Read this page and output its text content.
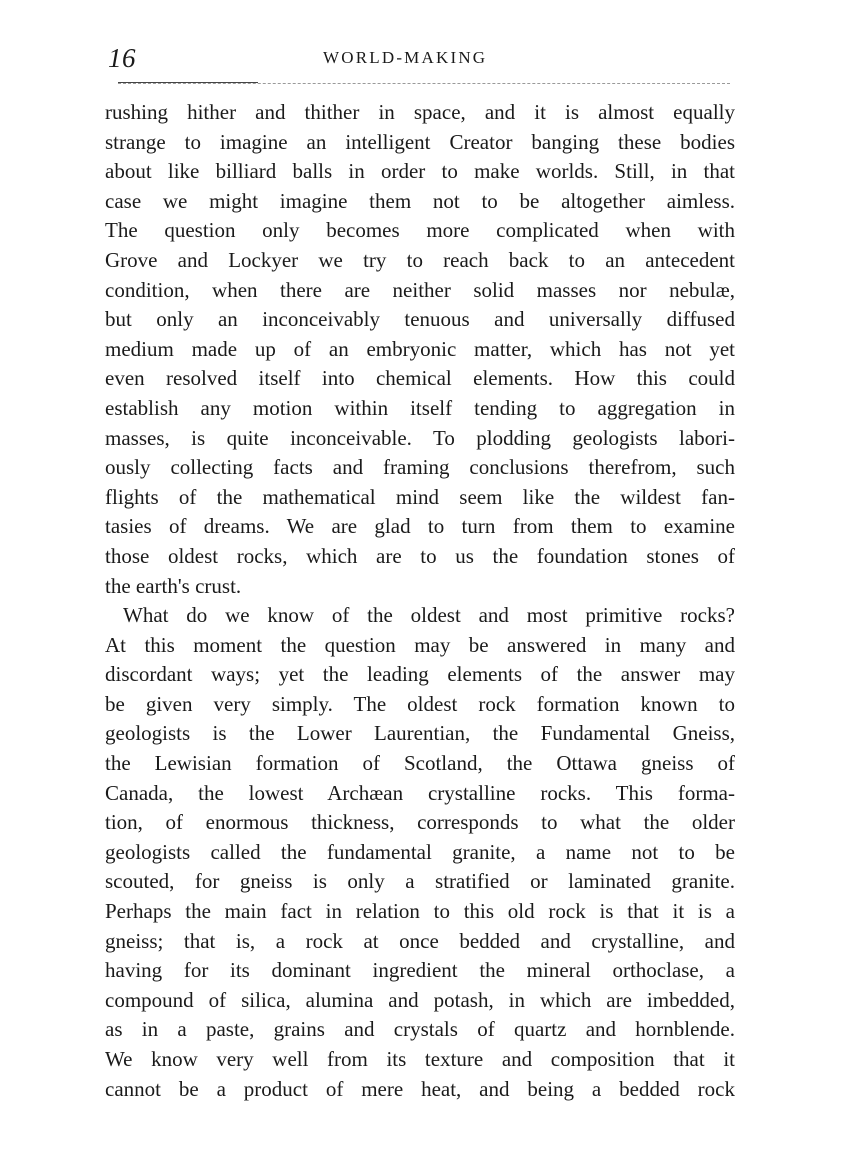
16	WORLD-MAKING
rushing hither and thither in space, and it is almost equally
strange to imagine an intelligent Creator banging these bodies
about like billiard balls in order to make worlds. Still, in that
case we might imagine them not to be altogether aimless.
The question only becomes more complicated when with
Grove and Lockyer we try to reach back to an antecedent
condition, when there are neither solid masses nor nebulæ,
but only an inconceivably tenuous and universally diffused
medium made up of an embryonic matter, which has not yet
even resolved itself into chemical elements. How this could
establish any motion within itself tending to aggregation in
masses, is quite inconceivable. To plodding geologists labori-
ously collecting facts and framing conclusions therefrom, such
flights of the mathematical mind seem like the wildest fan-
tasies of dreams. We are glad to turn from them to examine
those oldest rocks, which are to us the foundation stones of
the earth's crust.
What do we know of the oldest and most primitive rocks?
At this moment the question may be answered in many and
discordant ways; yet the leading elements of the answer may
be given very simply. The oldest rock formation known to
geologists is the Lower Laurentian, the Fundamental Gneiss,
the Lewisian formation of Scotland, the Ottawa gneiss of
Canada, the lowest Archæan crystalline rocks. This forma-
tion, of enormous thickness, corresponds to what the older
geologists called the fundamental granite, a name not to be
scouted, for gneiss is only a stratified or laminated granite.
Perhaps the main fact in relation to this old rock is that it is a
gneiss; that is, a rock at once bedded and crystalline, and
having for its dominant ingredient the mineral orthoclase, a
compound of silica, alumina and potash, in which are imbedded,
as in a paste, grains and crystals of quartz and hornblende.
We know very well from its texture and composition that it
cannot be a product of mere heat, and being a bedded rock
